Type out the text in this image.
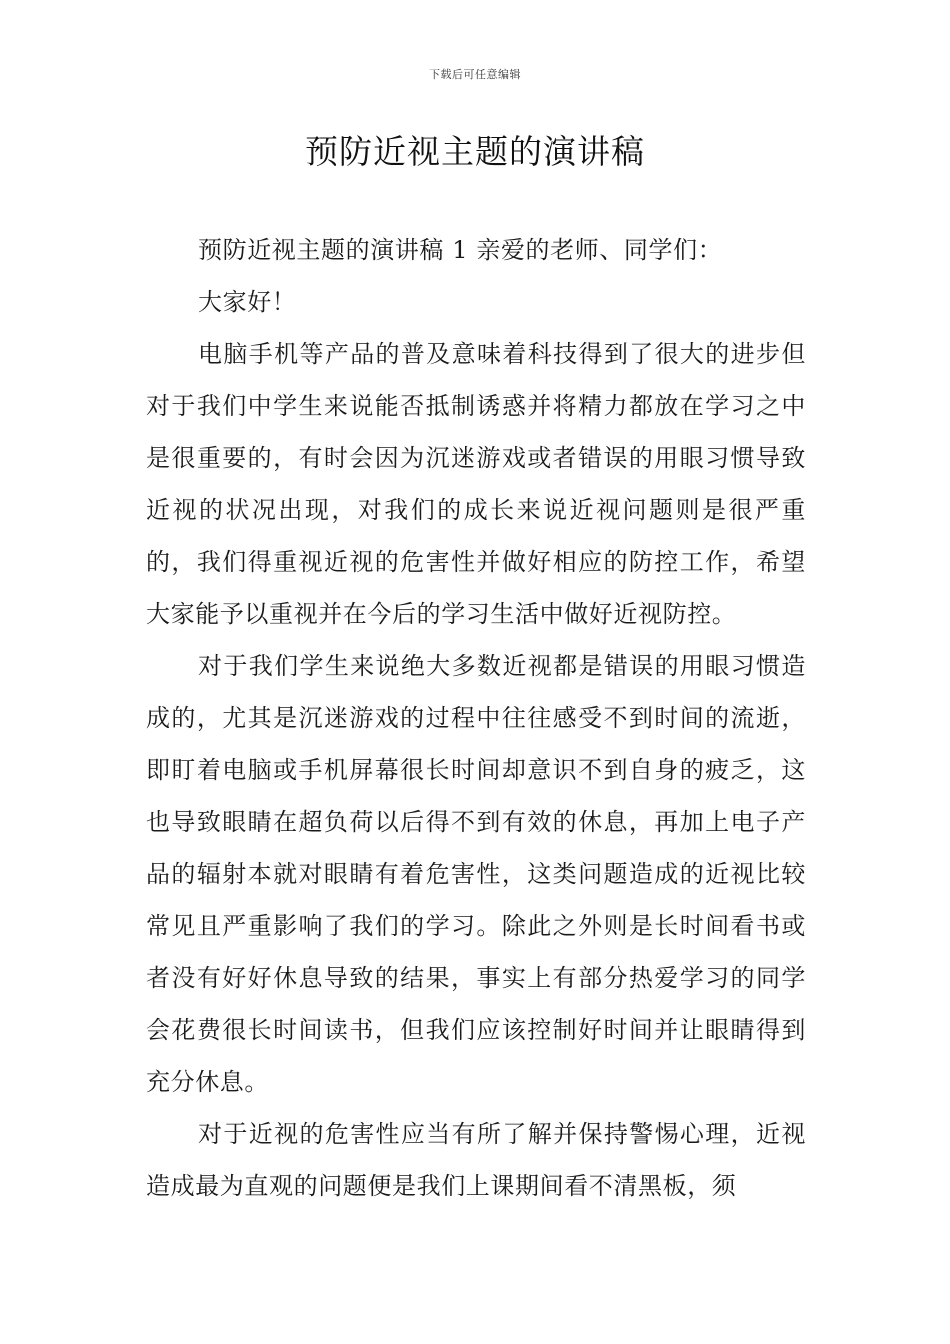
下载后可任意编辑
预防近视主题的演讲稿

预防近视主题的演讲稿 1 亲爱的老师、同学们：

大家好！

电脑手机等产品的普及意味着科技得到了很大的进步但对于我们中学生来说能否抵制诱惑并将精力都放在学习之中是很重要的，有时会因为沉迷游戏或者错误的用眼习惯导致近视的状况出现，对我们的成长来说近视问题则是很严重的，我们得重视近视的危害性并做好相应的防控工作，希望大家能予以重视并在今后的学习生活中做好近视防控。

对于我们学生来说绝大多数近视都是错误的用眼习惯造成的，尤其是沉迷游戏的过程中往往感受不到时间的流逝，即盯着电脑或手机屏幕很长时间却意识不到自身的疲乏，这也导致眼睛在超负荷以后得不到有效的休息，再加上电子产品的辐射本就对眼睛有着危害性，这类问题造成的近视比较常见且严重影响了我们的学习。除此之外则是长时间看书或者没有好好休息导致的结果，事实上有部分热爱学习的同学会花费很长时间读书，但我们应该控制好时间并让眼睛得到充分休息。

对于近视的危害性应当有所了解并保持警惕心理，近视造成最为直观的问题便是我们上课期间看不清黑板，须
